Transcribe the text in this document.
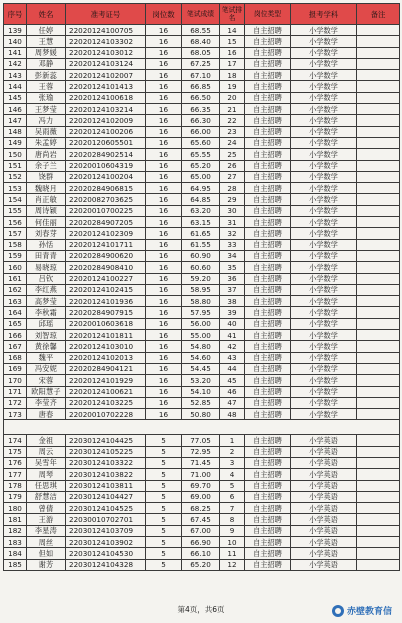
序号	姓名	准考证号	岗位数	笔试成绩	笔试排名	岗位类型	报考学科	备注
139	任婷	22020124100705	16	68.55	14	自主招聘	小学数学	
140	王慧	22020124103302	16	68.40	15	自主招聘	小学数学	
141	周梦媛	22020124103012	16	68.05	16	自主招聘	小学数学	
142	邓静	22020124103124	16	67.25	17	自主招聘	小学数学	
143	彭新蕊	22020124102007	16	67.10	18	自主招聘	小学数学	
144	王蓉	22020124101413	16	66.85	19	自主招聘	小学数学	
145	张瑜	22020124100618	16	66.50	20	自主招聘	小学数学	
146	王梦莹	22020124103214	16	66.35	21	自主招聘	小学数学	
147	冯力	22020124102009	16	66.30	22	自主招聘	小学数学	
148	吴雨薇	22020124100206	16	66.00	23	自主招聘	小学数学	
149	朱孟婷	22020120605501	16	65.60	24	自主招聘	小学数学	
150	唐尚岩	22020284902514	16	65.55	25	自主招聘	小学数学	
151	余子兰	22020010604319	16	65.20	26	自主招聘	小学数学	
152	饶群	22020124100204	16	65.00	27	自主招聘	小学数学	
153	魏晓月	22020284906815	16	64.95	28	自主招聘	小学数学	
154	肖正敏	22020082703625	16	64.85	29	自主招聘	小学数学	
155	周诗颖	22020010700225	16	63.20	30	自主招聘	小学数学	
156	何佳丽	22020284907205	16	63.15	31	自主招聘	小学数学	
157	刘春芽	22020124102309	16	61.65	32	自主招聘	小学数学	
158	孙恬	22020124101711	16	61.55	33	自主招聘	小学数学	
159	田青青	22020284900620	16	60.90	34	自主招聘	小学数学	
160	易晓琼	22020284908410	16	60.60	35	自主招聘	小学数学	
161	吕钦	22020124100227	16	59.20	36	自主招聘	小学数学	
162	李红燕	22020124102415	16	58.95	37	自主招聘	小学数学	
163	高梦莹	22020124101936	16	58.80	38	自主招聘	小学数学	
164	李秋霜	22020284907915	16	57.95	39	自主招聘	小学数学	
165	邱瑶	22020010603618	16	56.00	40	自主招聘	小学数学	
166	刘智琼	22020124101811	16	55.00	41	自主招聘	小学数学	
167	黄徐馨	22020124103010	16	54.80	42	自主招聘	小学数学	
168	魏平	22020124102013	16	54.60	43	自主招聘	小学数学	
169	冯安妮	22020284904121	16	54.45	44	自主招聘	小学数学	
170	宋蓉	22020124101929	16	53.20	45	自主招聘	小学数学	
171	欧阳慧子	22020124100621	16	54.10	46	自主招聘	小学数学	
172	李莹齐	22020124103225	16	52.85	47	自主招聘	小学数学	
173	唐春	22020010702228	16	50.80	48	自主招聘	小学数学	

174	金祖	22030124104425	5	77.05	1	自主招聘	小学英语	
175	周云	22030124105225	5	72.95	2	自主招聘	小学英语	
176	吴雪年	22030124103322	5	71.45	3	自主招聘	小学英语	
177	周琴	22030124103822	5	71.00	4	自主招聘	小学英语	
178	任思琪	22030124103811	5	69.70	5	自主招聘	小学英语	
179	舒慧洁	22030124104427	5	69.00	6	自主招聘	小学英语	
180	曾倩	22030124104525	5	68.25	7	自主招聘	小学英语	
181	王游	22030010702701	5	67.45	8	自主招聘	小学英语	
182	李星涛	22030124103709	5	67.00	9	自主招聘	小学英语	
183	周丝	22030124103902	5	66.90	10	自主招聘	小学英语	
184	但如	22030124104530	5	66.10	11	自主招聘	小学英语	
185	谢芳	22030124104328	5	65.20	12	自主招聘	小学英语	
第4页，共6页	赤壁教育信
